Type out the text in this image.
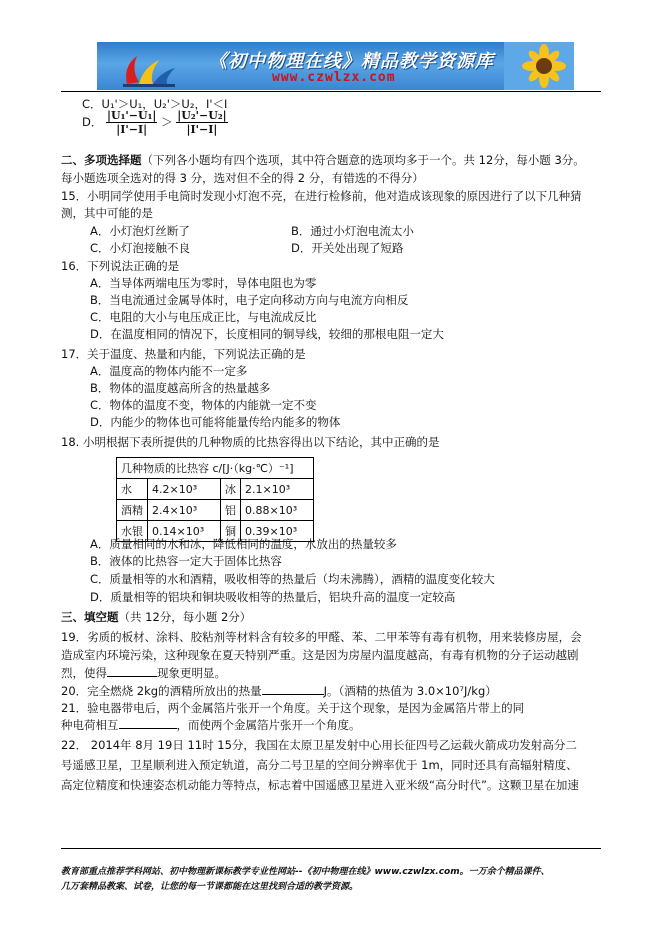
《初中物理在线》精品教学资源库
www.czwlzx.com
C．U₁'＞U₁，U₂'＞U₂，I'＜I
D． $\frac{\text{|U₁'−U₁|}}{|I'-I|} > \frac{\text{|U₂'−U₂|}}{|I'-I|}$
二、多项选择题（下列各小题均有四个选项，其中符合题意的选项均多于一个。共 12分，每小题 3分。
每小题选项全选对的得 3 分，选对但不全的得 2 分，有错选的不得分）
15．小明同学使用手电筒时发现小灯泡不亮，在进行检修前，他对造成该现象的原因进行了以下几种猜
测，其中可能的是
A．小灯泡灯丝断了	B．通过小灯泡电流太小
C．小灯泡接触不良	D．开关处出现了短路
16．下列说法正确的是
A．当导体两端电压为零时，导体电阻也为零
B．当电流通过金属导体时，电子定向移动方向与电流方向相反
C．电阻的大小与电压成正比，与电流成反比
D．在温度相同的情况下，长度相同的铜导线，较细的那根电阻一定大
17．关于温度、热量和内能，下列说法正确的是
A．温度高的物体内能不一定多
B．物体的温度越高所含的热量越多
C．物体的温度不变，物体的内能就一定不变
D．内能少的物体也可能将能量传给内能多的物体
18. 小明根据下表所提供的几种物质的比热容得出以下结论，其中正确的是
几种物质的比热容 c/[J·（kg·℃）⁻¹]			
水	4.2×10³	冰	2.1×10³
酒精	2.4×10³	铝	0.88×10³
水银	0.14×10³	铜	0.39×10³
A．质量相同的水和冰，降低相同的温度，水放出的热量较多
B．液体的比热容一定大于固体比热容
C．质量相等的水和酒精，吸收相等的热量后（均未沸腾），酒精的温度变化较大
D．质量相等的铝块和铜块吸收相等的热量后，铝块升高的温度一定较高
三、填空题（共 12分，每小题 2分）
19．劣质的板材、涂料、胶粘剂等材料含有较多的甲醛、苯、二甲苯等有毒有机物，用来装修房屋，会
造成室内环境污染，这种现象在夏天特别严重。这是因为房屋内温度越高，有毒有机物的分子运动越剧
烈，使得	现象更明显。
20．完全燃烧 2kg的酒精所放出的热量	J。（酒精的热值为 3.0×10⁷J/kg）
21．验电器带电后，两个金属箔片张开一个角度。关于这个现象，是因为金属箔片带上的同
种电荷相互	，而使两个金属箔片张开一个角度。
22． 2014年 8月 19日 11时 15分，我国在太原卫星发射中心用长征四号乙运载火箭成功发射高分二
号遥感卫星，卫星顺利进入预定轨道，高分二号卫星的空间分辨率优于 1m，同时还具有高辐射精度、
高定位精度和快速姿态机动能力等特点，标志着中国遥感卫星进入亚米级“高分时代”。这颗卫星在加速
教育部重点推荐学科网站、初中物理新课标教学专业性网站--《初中物理在线》www.czwlzx.com。一万余个精品课件、
几万套精品教案、试卷，让您的每一节课都能在这里找到合适的教学资源。
